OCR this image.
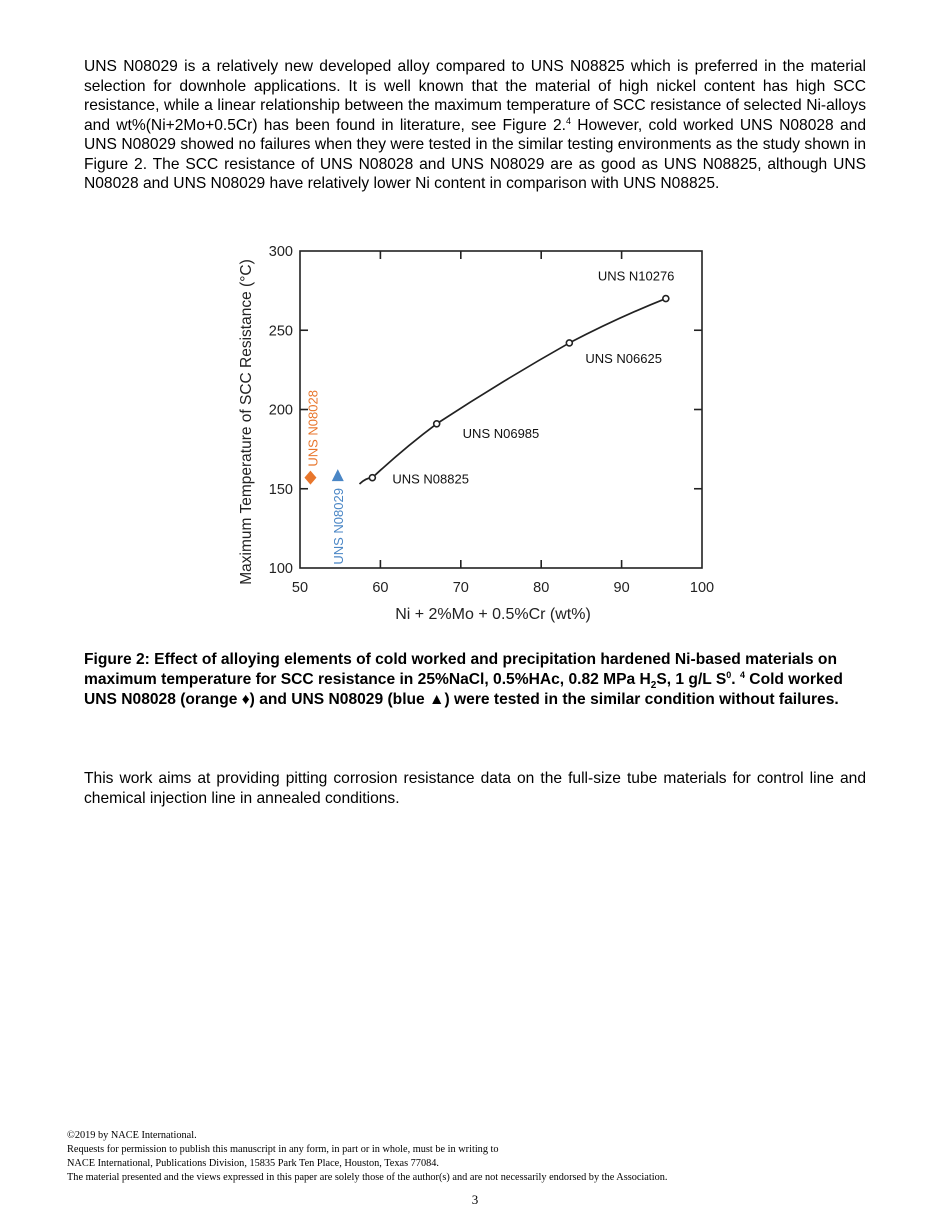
UNS N08029 is a relatively new developed alloy compared to UNS N08825 which is preferred in the material selection for downhole applications. It is well known that the material of high nickel content has high SCC resistance, while a linear relationship between the maximum temperature of SCC resistance of selected Ni-alloys and wt%(Ni+2Mo+0.5Cr) has been found in literature, see Figure 2.$^4$ However, cold worked UNS N08028 and UNS N08029 showed no failures when they were tested in the similar testing environments as the study shown in Figure 2. The SCC resistance of UNS N08028 and UNS N08029 are as good as UNS N08825, although UNS N08028 and UNS N08029 have relatively lower Ni content in comparison with UNS N08825.

50	60	70	80	90	100
100
150
200
250
300
UNS N08825
UNS N06985
UNS N06625
UNS N10276
UNS N08028
UNS N08029
Ni + 2%Mo + 0.5%Cr (wt%)
Maximum Temperature of SCC Resistance (°C)

Figure 2: Effect of alloying elements of cold worked and precipitation hardened Ni-based materials on maximum temperature for SCC resistance in 25%NaCl, 0.5%HAc, 0.82 MPa $H_2S$, 1 g/L $S^0$. $^4$ Cold worked UNS N08028 (orange ♦) and UNS N08029 (blue ▲) were tested in the similar condition without failures.

This work aims at providing pitting corrosion resistance data on the full-size tube materials for control line and chemical injection line in annealed conditions.

©2019 by NACE International.
Requests for permission to publish this manuscript in any form, in part or in whole, must be in writing to
NACE International, Publications Division, 15835 Park Ten Place, Houston, Texas 77084.
The material presented and the views expressed in this paper are solely those of the author(s) and are not necessarily endorsed by the Association.
3
